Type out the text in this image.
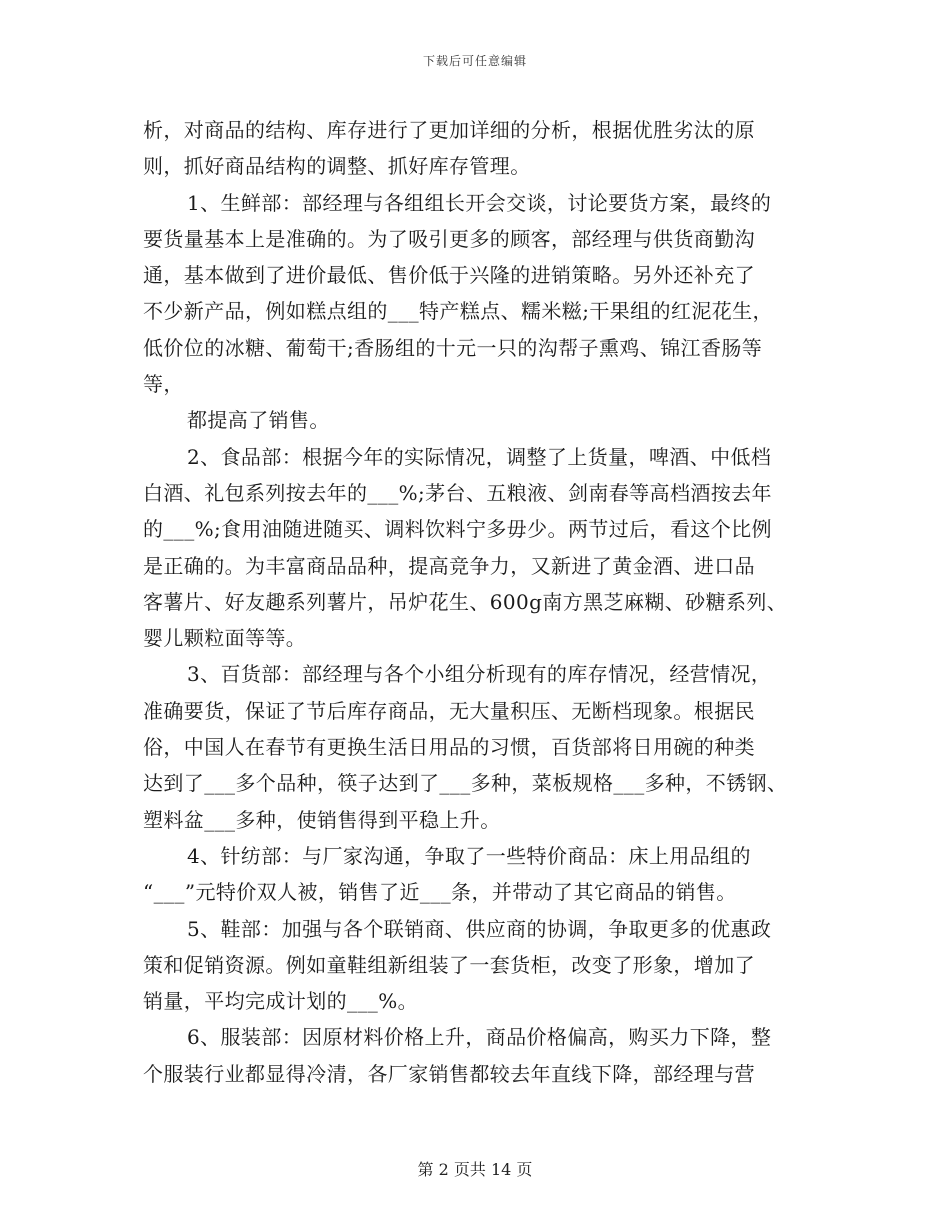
下载后可任意编辑
析，对商品的结构、库存进行了更加详细的分析，根据优胜劣汰的原
则，抓好商品结构的调整、抓好库存管理。
1、生鲜部：部经理与各组组长开会交谈，讨论要货方案，最终的
要货量基本上是准确的。为了吸引更多的顾客，部经理与供货商勤沟
通，基本做到了进价最低、售价低于兴隆的进销策略。另外还补充了
不少新产品，例如糕点组的___特产糕点、糯米糍;干果组的红泥花生，
低价位的冰糖、葡萄干;香肠组的十元一只的沟帮子熏鸡、锦江香肠等
等，
都提高了销售。
2、食品部：根据今年的实际情况，调整了上货量，啤酒、中低档
白酒、礼包系列按去年的___%;茅台、五粮液、剑南春等高档酒按去年
的___%;食用油随进随买、调料饮料宁多毋少。两节过后，看这个比例
是正确的。为丰富商品品种，提高竞争力，又新进了黄金酒、进口品
客薯片、好友趣系列薯片，吊炉花生、600g南方黑芝麻糊、砂糖系列、
婴儿颗粒面等等。
3、百货部：部经理与各个小组分析现有的库存情况，经营情况，
准确要货，保证了节后库存商品，无大量积压、无断档现象。根据民
俗，中国人在春节有更换生活日用品的习惯，百货部将日用碗的种类
达到了___多个品种，筷子达到了___多种，菜板规格___多种，不锈钢、
塑料盆___多种，使销售得到平稳上升。
4、针纺部：与厂家沟通，争取了一些特价商品：床上用品组的
“___”元特价双人被，销售了近___条，并带动了其它商品的销售。
5、鞋部：加强与各个联销商、供应商的协调，争取更多的优惠政
策和促销资源。例如童鞋组新组装了一套货柜，改变了形象，增加了
销量，平均完成计划的___%。
6、服装部：因原材料价格上升，商品价格偏高，购买力下降，整
个服装行业都显得冷清，各厂家销售都较去年直线下降，部经理与营
第 2 页共 14 页
